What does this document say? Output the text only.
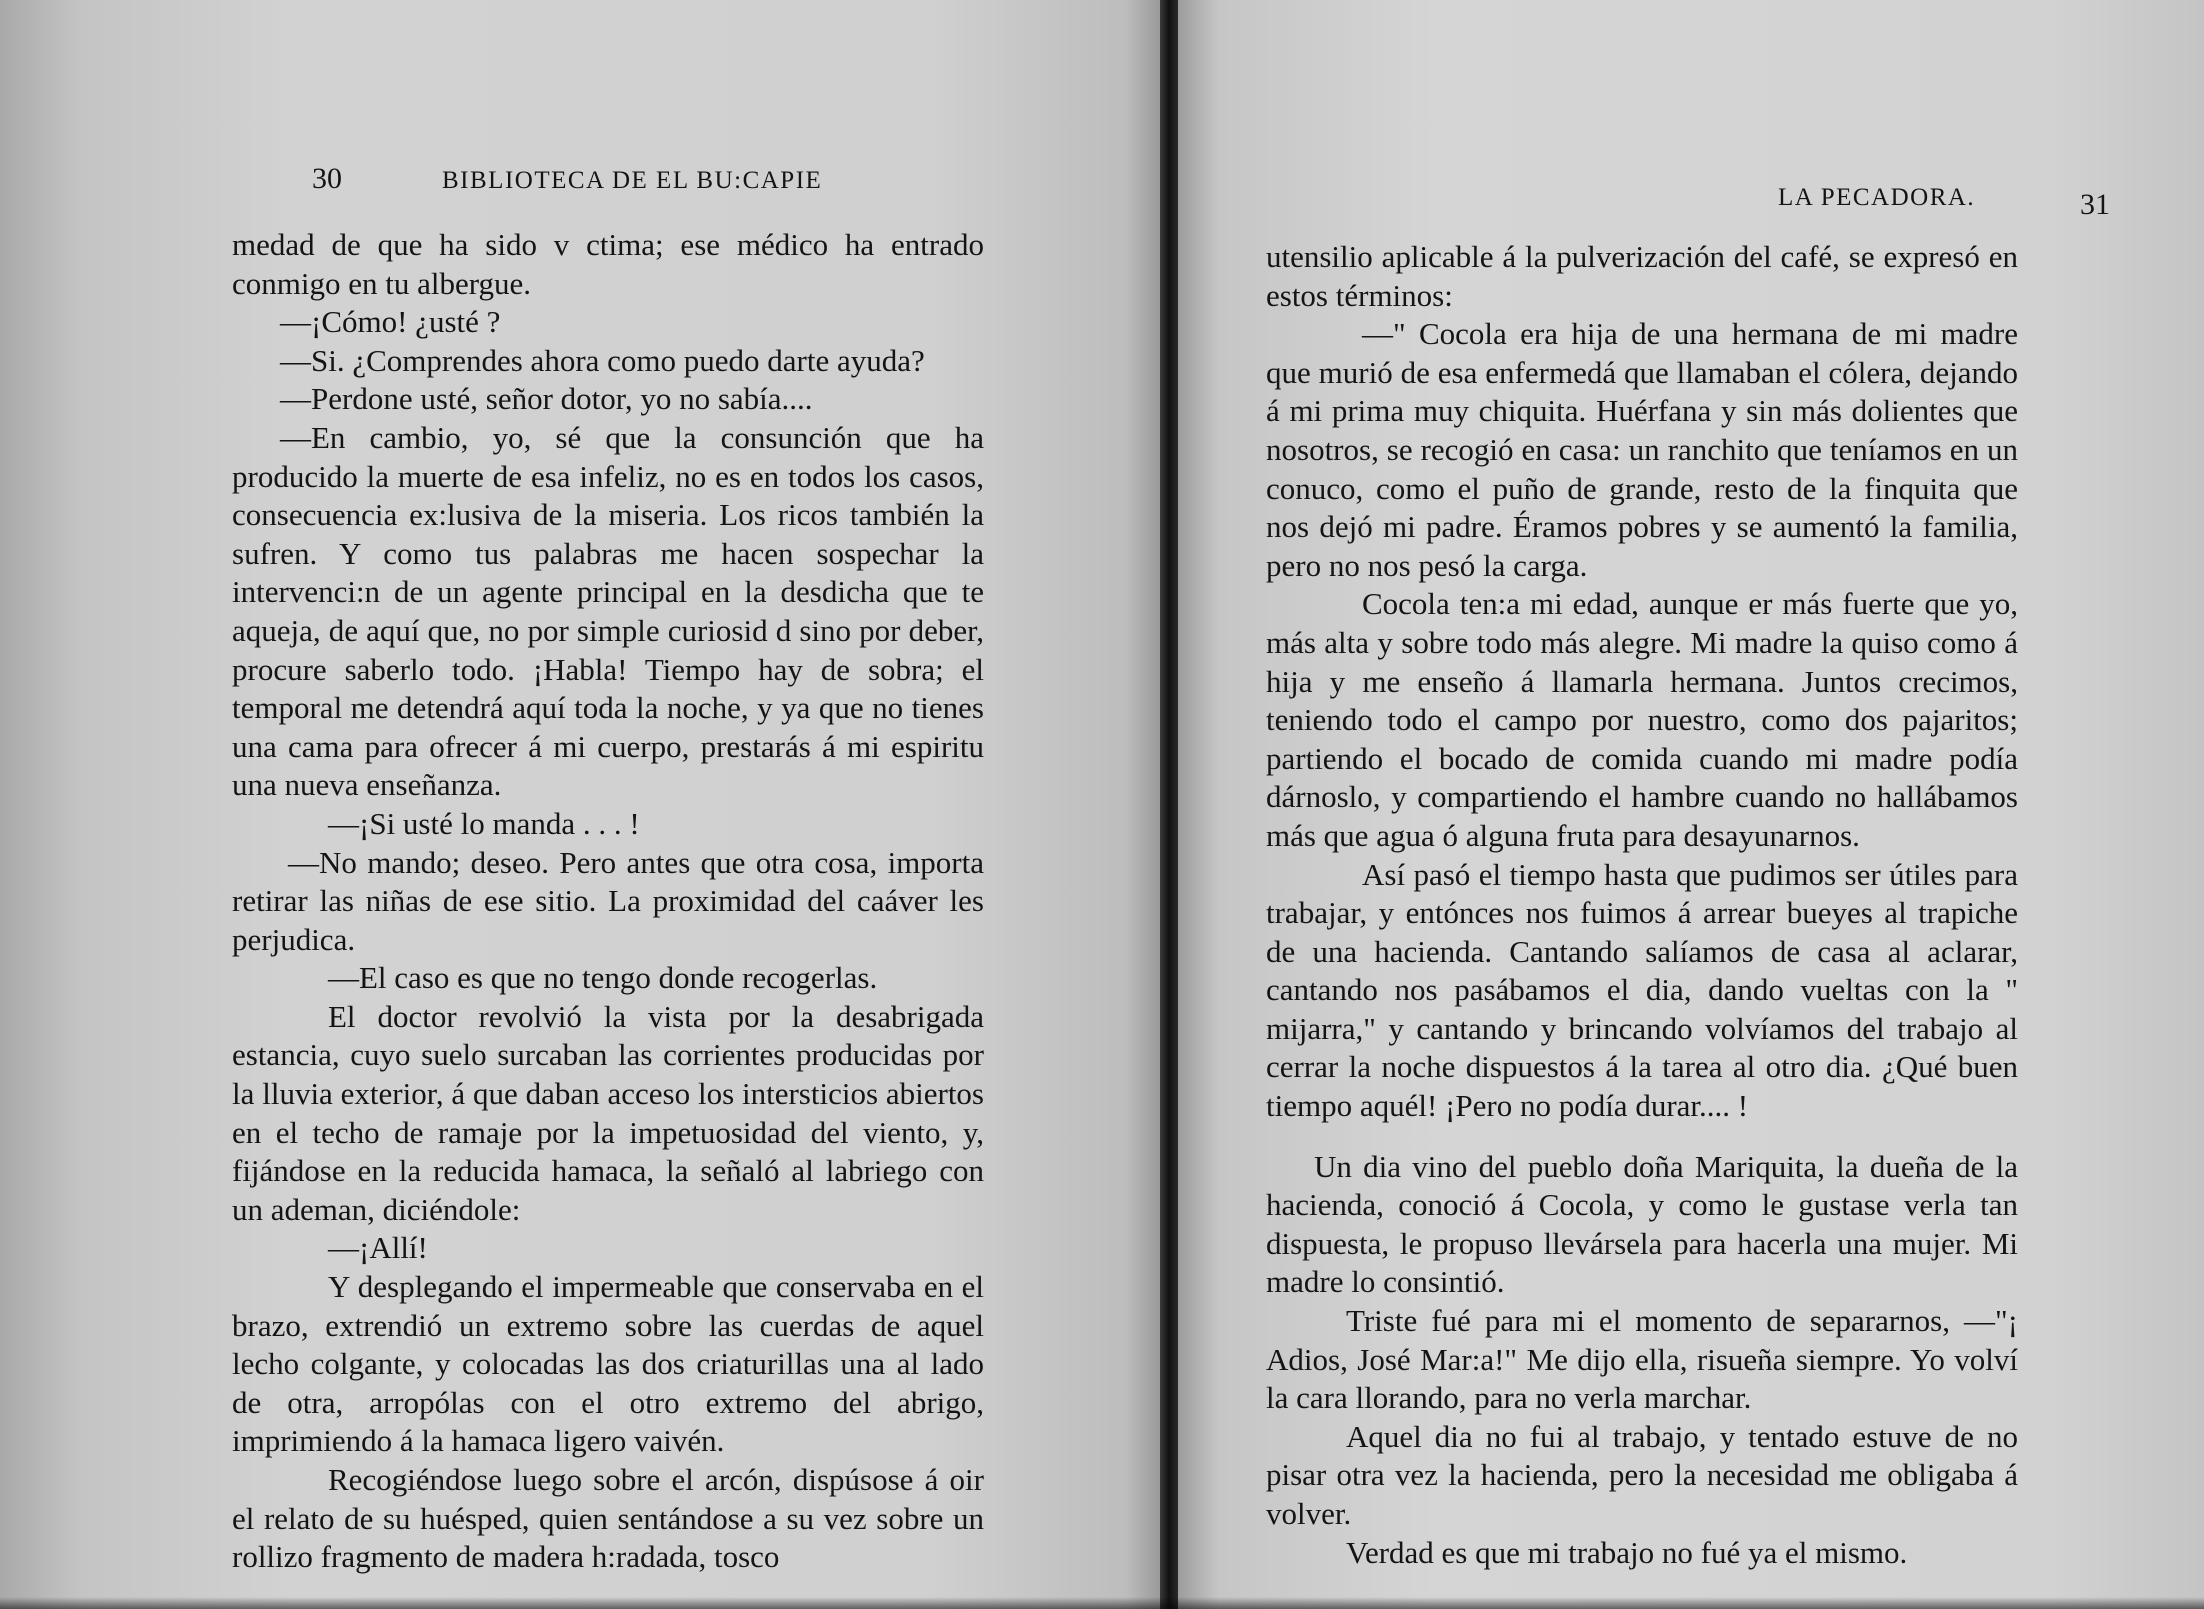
30	BIBLIOTECA DE EL BU:CAPIE

medad de que ha sido v ctima; ese médico ha entrado conmigo en tu albergue.

—¡Cómo! ¿usté ?

—Si. ¿Comprendes ahora como puedo darte ayuda?

—Perdone usté, señor dotor, yo no sabía....

—En cambio, yo, sé que la consunción que ha producido la muerte de esa infeliz, no es en todos los casos, consecuencia ex:lusiva de la miseria. Los ricos también la sufren. Y como tus palabras me hacen sospechar la intervenci:n de un agente principal en la desdicha que te aqueja, de aquí que, no por simple curiosid d sino por deber, procure saberlo todo. ¡Habla! Tiempo hay de sobra; el temporal me detendrá aquí toda la noche, y ya que no tienes una cama para ofrecer á mi cuerpo, prestarás á mi espiritu una nueva enseñanza.

—¡Si usté lo manda . . . !

—No mando; deseo. Pero antes que otra cosa, importa retirar las niñas de ese sitio. La proximidad del caáver les perjudica.

—El caso es que no tengo donde recogerlas.

El doctor revolvió la vista por la desabrigada estancia, cuyo suelo surcaban las corrientes producidas por la lluvia exterior, á que daban acceso los intersticios abiertos en el techo de ramaje por la impetuosidad del viento, y, fijándose en la reducida hamaca, la señaló al labriego con un ademan, diciéndole:

—¡Allí!

Y desplegando el impermeable que conservaba en el brazo, extrendió un extremo sobre las cuerdas de aquel lecho colgante, y colocadas las dos criaturillas una al lado de otra, arropólas con el otro extremo del abrigo, imprimiendo á la hamaca ligero vaivén.

Recogiéndose luego sobre el arcón, dispúsose á oir el relato de su huésped, quien sentándose a su vez sobre un rollizo fragmento de madera h:radada, tosco

LA PECADORA.	31

utensilio aplicable á la pulverización del café, se expresó en estos términos:

—" Cocola era hija de una hermana de mi madre que murió de esa enfermedá que llamaban el cólera, dejando á mi prima muy chiquita. Huérfana y sin más dolientes que nosotros, se recogió en casa: un ranchito que teníamos en un conuco, como el puño de grande, resto de la finquita que nos dejó mi padre. Éramos pobres y se aumentó la familia, pero no nos pesó la carga.

Cocola ten:a mi edad, aunque er más fuerte que yo, más alta y sobre todo más alegre. Mi madre la quiso como á hija y me enseño á llamarla hermana. Juntos crecimos, teniendo todo el campo por nuestro, como dos pajaritos; partiendo el bocado de comida cuando mi madre podía dárnoslo, y compartiendo el hambre cuando no hallábamos más que agua ó alguna fruta para desayunarnos.

Así pasó el tiempo hasta que pudimos ser útiles para trabajar, y entónces nos fuimos á arrear bueyes al trapiche de una hacienda. Cantando salíamos de casa al aclarar, cantando nos pasábamos el dia, dando vueltas con la " mijarra," y cantando y brincando volvíamos del trabajo al cerrar la noche dispuestos á la tarea al otro dia. ¿Qué buen tiempo aquél! ¡Pero no podía durar.... !

Un dia vino del pueblo doña Mariquita, la dueña de la hacienda, conoció á Cocola, y como le gustase verla tan dispuesta, le propuso llevársela para hacerla una mujer. Mi madre lo consintió.

Triste fué para mi el momento de separarnos, —"¡ Adios, José Mar:a!" Me dijo ella, risueña siempre. Yo volví la cara llorando, para no verla marchar.

Aquel dia no fui al trabajo, y tentado estuve de no pisar otra vez la hacienda, pero la necesidad me obligaba á volver.

Verdad es que mi trabajo no fué ya el mismo.
